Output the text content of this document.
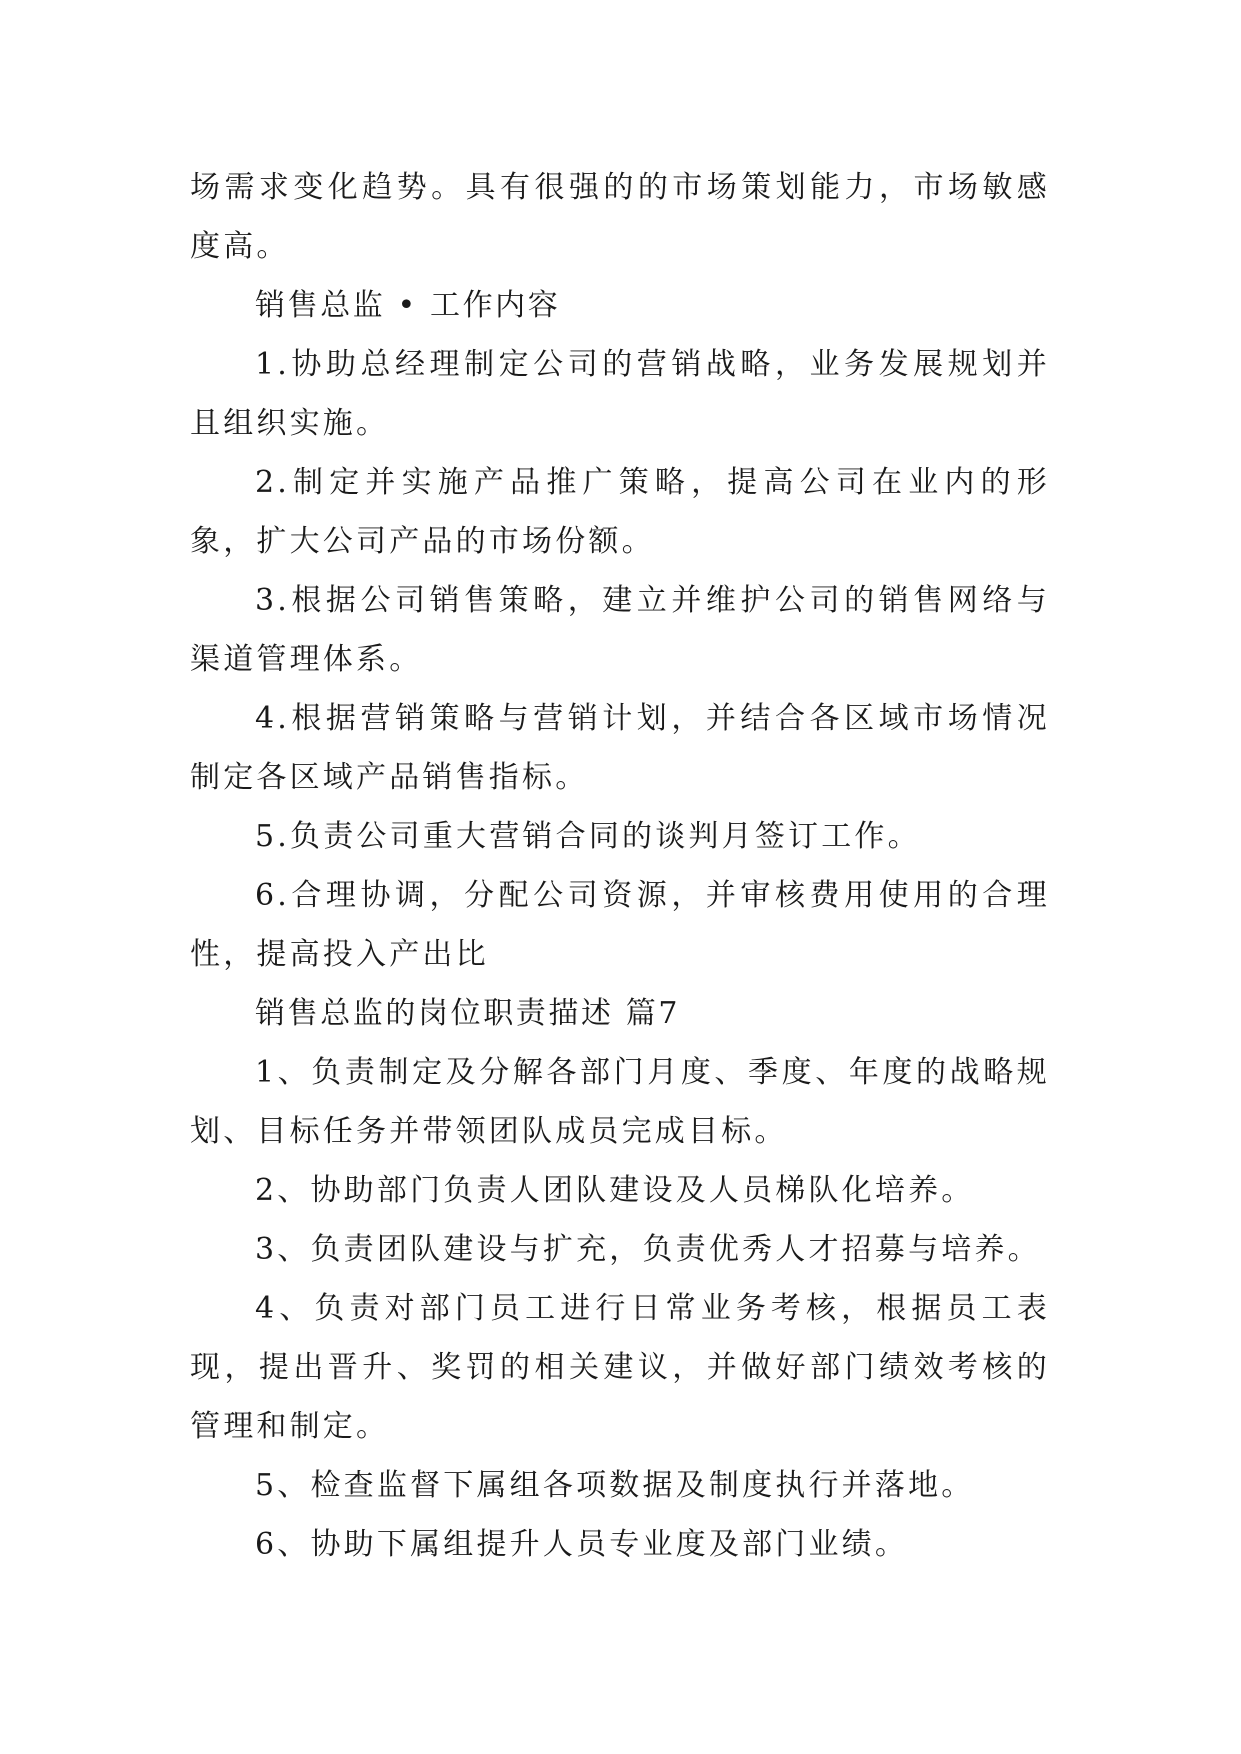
场需求变化趋势。具有很强的的市场策划能力，市场敏感度高。

销售总监 • 工作内容

1.协助总经理制定公司的营销战略，业务发展规划并且组织实施。

2.制定并实施产品推广策略，提高公司在业内的形象，扩大公司产品的市场份额。

3.根据公司销售策略，建立并维护公司的销售网络与渠道管理体系。

4.根据营销策略与营销计划，并结合各区域市场情况制定各区域产品销售指标。

5.负责公司重大营销合同的谈判月签订工作。

6.合理协调，分配公司资源，并审核费用使用的合理性，提高投入产出比

销售总监的岗位职责描述 篇7

1、负责制定及分解各部门月度、季度、年度的战略规划、目标任务并带领团队成员完成目标。

2、协助部门负责人团队建设及人员梯队化培养。

3、负责团队建设与扩充，负责优秀人才招募与培养。

4、负责对部门员工进行日常业务考核，根据员工表现，提出晋升、奖罚的相关建议，并做好部门绩效考核的管理和制定。

5、检查监督下属组各项数据及制度执行并落地。

6、协助下属组提升人员专业度及部门业绩。
